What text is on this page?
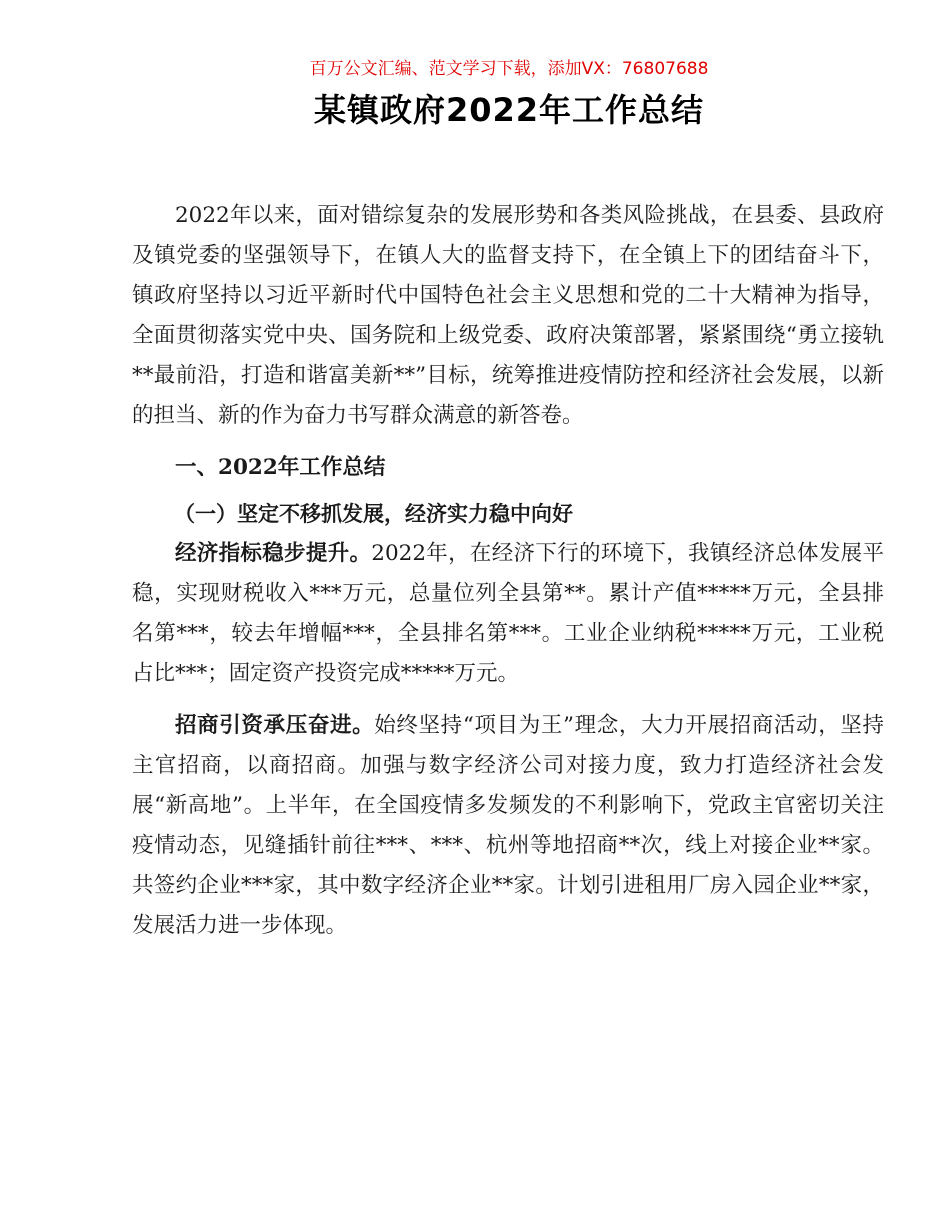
百万公文汇编、范文学习下载，添加VX：76807688
某镇政府2022年工作总结

2022年以来，面对错综复杂的发展形势和各类风险挑战，在县委、县政府及镇党委的坚强领导下，在镇人大的监督支持下，在全镇上下的团结奋斗下，镇政府坚持以习近平新时代中国特色社会主义思想和党的二十大精神为指导，全面贯彻落实党中央、国务院和上级党委、政府决策部署，紧紧围绕“勇立接轨**最前沿，打造和谐富美新**”目标，统筹推进疫情防控和经济社会发展，以新的担当、新的作为奋力书写群众满意的新答卷。

一、2022年工作总结

（一）坚定不移抓发展，经济实力稳中向好

经济指标稳步提升。2022年，在经济下行的环境下，我镇经济总体发展平稳，实现财税收入***万元，总量位列全县第**。累计产值*****万元，全县排名第***，较去年增幅***，全县排名第***。工业企业纳税*****万元，工业税占比***；固定资产投资完成*****万元。

招商引资承压奋进。始终坚持“项目为王”理念，大力开展招商活动，坚持主官招商，以商招商。加强与数字经济公司对接力度，致力打造经济社会发展“新高地”。上半年，在全国疫情多发频发的不利影响下，党政主官密切关注疫情动态，见缝插针前往***、***、杭州等地招商**次，线上对接企业**家。共签约企业***家，其中数字经济企业**家。计划引进租用厂房入园企业**家，发展活力进一步体现。
